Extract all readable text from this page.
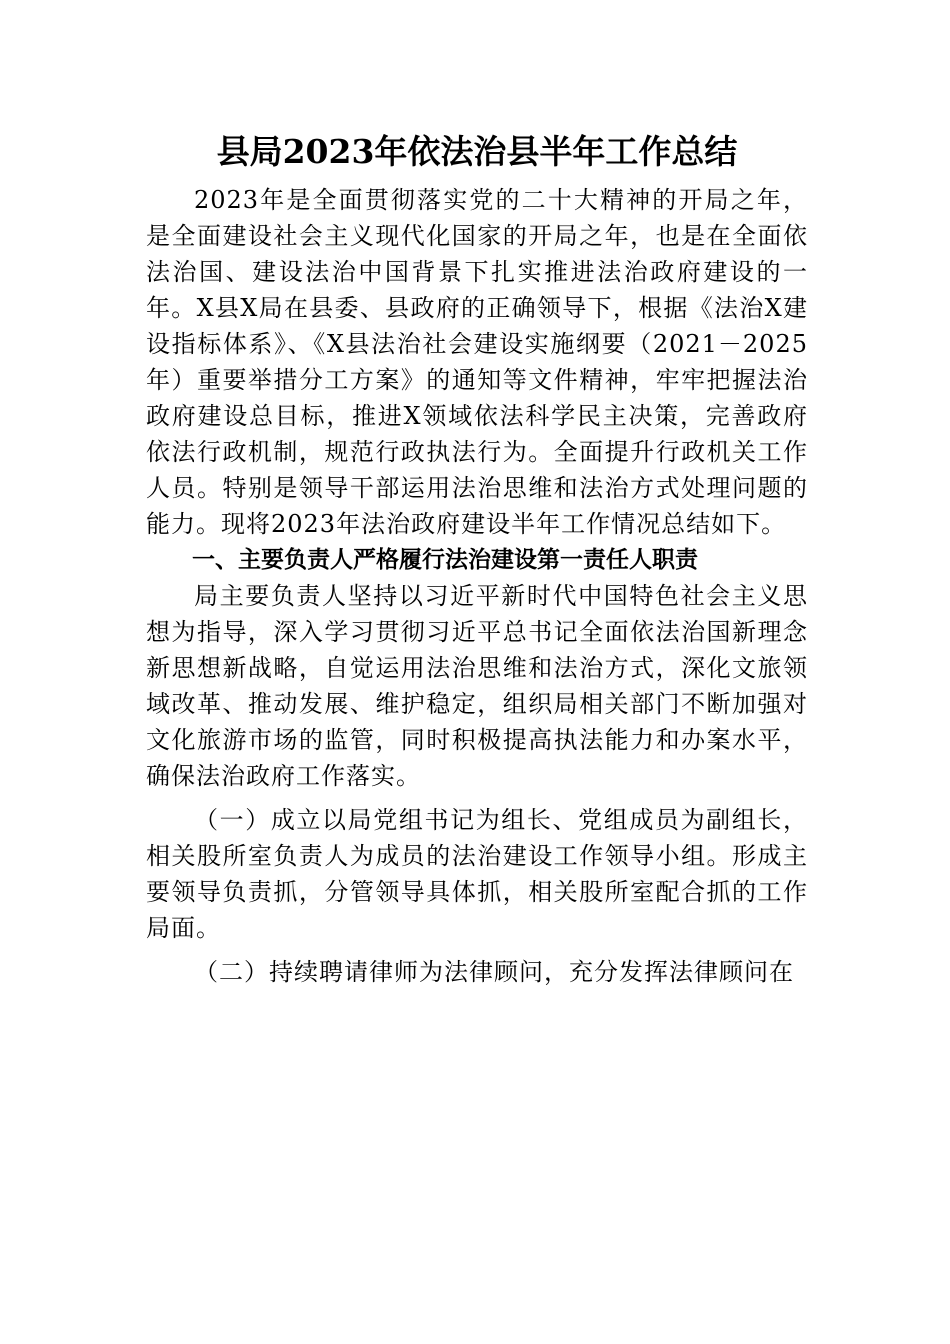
县局2023年依法治县半年工作总结

2023年是全面贯彻落实党的二十大精神的开局之年，是全面建设社会主义现代化国家的开局之年，也是在全面依法治国、建设法治中国背景下扎实推进法治政府建设的一年。X县X局在县委、县政府的正确领导下，根据《法治X建设指标体系》、《X县法治社会建设实施纲要（2021－2025年）重要举措分工方案》的通知等文件精神，牢牢把握法治政府建设总目标，推进X领域依法科学民主决策，完善政府依法行政机制，规范行政执法行为。全面提升行政机关工作人员。特别是领导干部运用法治思维和法治方式处理问题的能力。现将2023年法治政府建设半年工作情况总结如下。

一、主要负责人严格履行法治建设第一责任人职责

局主要负责人坚持以习近平新时代中国特色社会主义思想为指导，深入学习贯彻习近平总书记全面依法治国新理念新思想新战略，自觉运用法治思维和法治方式，深化文旅领域改革、推动发展、维护稳定，组织局相关部门不断加强对文化旅游市场的监管，同时积极提高执法能力和办案水平，确保法治政府工作落实。

（一）成立以局党组书记为组长、党组成员为副组长，相关股所室负责人为成员的法治建设工作领导小组。形成主要领导负责抓，分管领导具体抓，相关股所室配合抓的工作局面。

（二）持续聘请律师为法律顾问，充分发挥法律顾问在
